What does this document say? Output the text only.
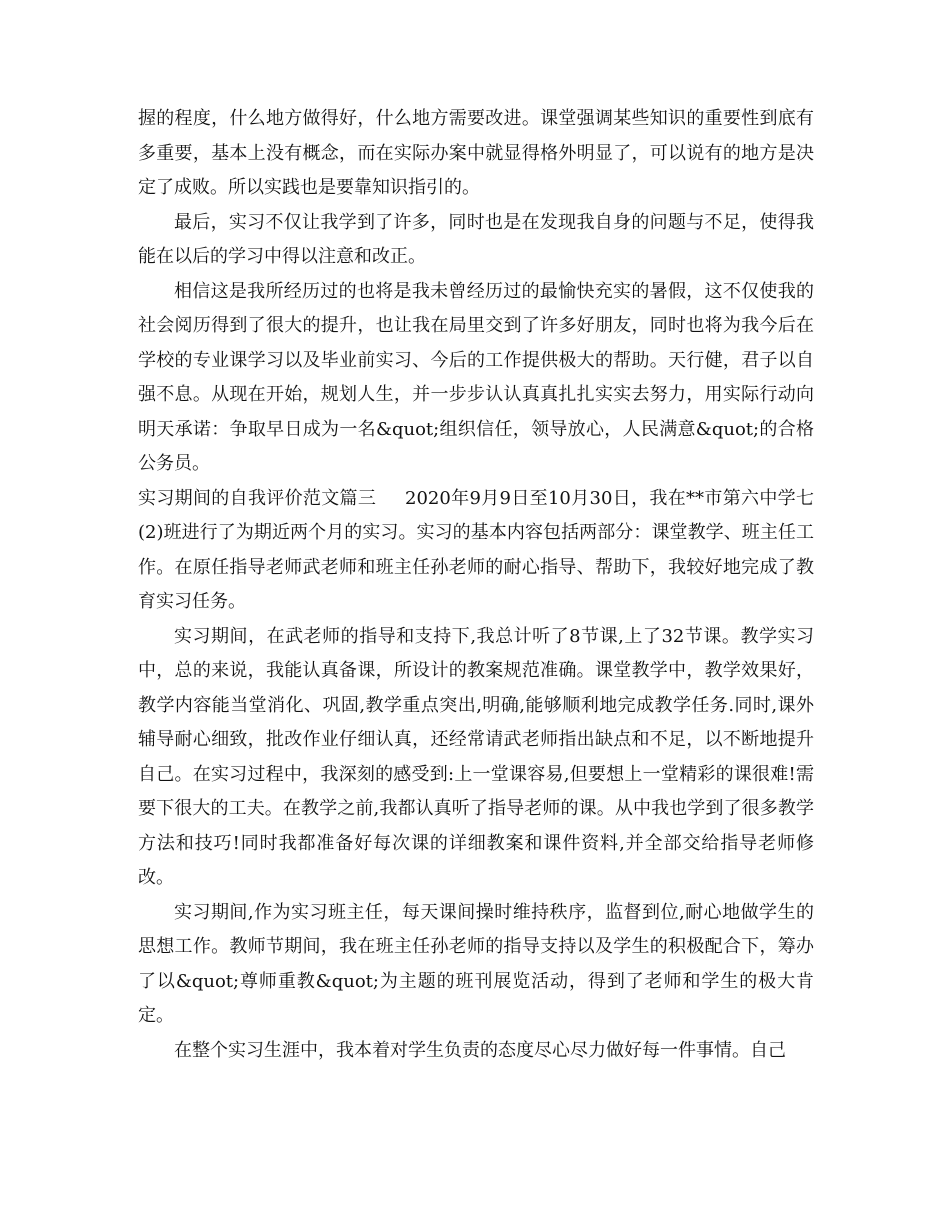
握的程度，什么地方做得好，什么地方需要改进。课堂强调某些知识的重要性到底有多重要，基本上没有概念，而在实际办案中就显得格外明显了，可以说有的地方是决定了成败。所以实践也是要靠知识指引的。

最后，实习不仅让我学到了许多，同时也是在发现我自身的问题与不足，使得我能在以后的学习中得以注意和改正。

相信这是我所经历过的也将是我未曾经历过的最愉快充实的暑假，这不仅使我的社会阅历得到了很大的提升，也让我在局里交到了许多好朋友，同时也将为我今后在学校的专业课学习以及毕业前实习、今后的工作提供极大的帮助。天行健，君子以自强不息。从现在开始，规划人生，并一步步认认真真扎扎实实去努力，用实际行动向明天承诺：争取早日成为一名&quot;组织信任，领导放心，人民满意&quot;的合格公务员。

实习期间的自我评价范文篇三 2020年9月9日至10月30日，我在**市第六中学七(2)班进行了为期近两个月的实习。实习的基本内容包括两部分：课堂教学、班主任工作。在原任指导老师武老师和班主任孙老师的耐心指导、帮助下，我较好地完成了教育实习任务。

实习期间，在武老师的指导和支持下,我总计听了8节课,上了32节课。教学实习中，总的来说，我能认真备课，所设计的教案规范准确。课堂教学中，教学效果好，教学内容能当堂消化、巩固,教学重点突出,明确,能够顺利地完成教学任务.同时,课外辅导耐心细致，批改作业仔细认真，还经常请武老师指出缺点和不足，以不断地提升自己。在实习过程中，我深刻的感受到:上一堂课容易,但要想上一堂精彩的课很难!需要下很大的工夫。在教学之前,我都认真听了指导老师的课。从中我也学到了很多教学方法和技巧!同时我都准备好每次课的详细教案和课件资料,并全部交给指导老师修改。

实习期间,作为实习班主任，每天课间操时维持秩序，监督到位,耐心地做学生的思想工作。教师节期间，我在班主任孙老师的指导支持以及学生的积极配合下，筹办了以&quot;尊师重教&quot;为主题的班刊展览活动，得到了老师和学生的极大肯定。

在整个实习生涯中，我本着对学生负责的态度尽心尽力做好每一件事情。自己
